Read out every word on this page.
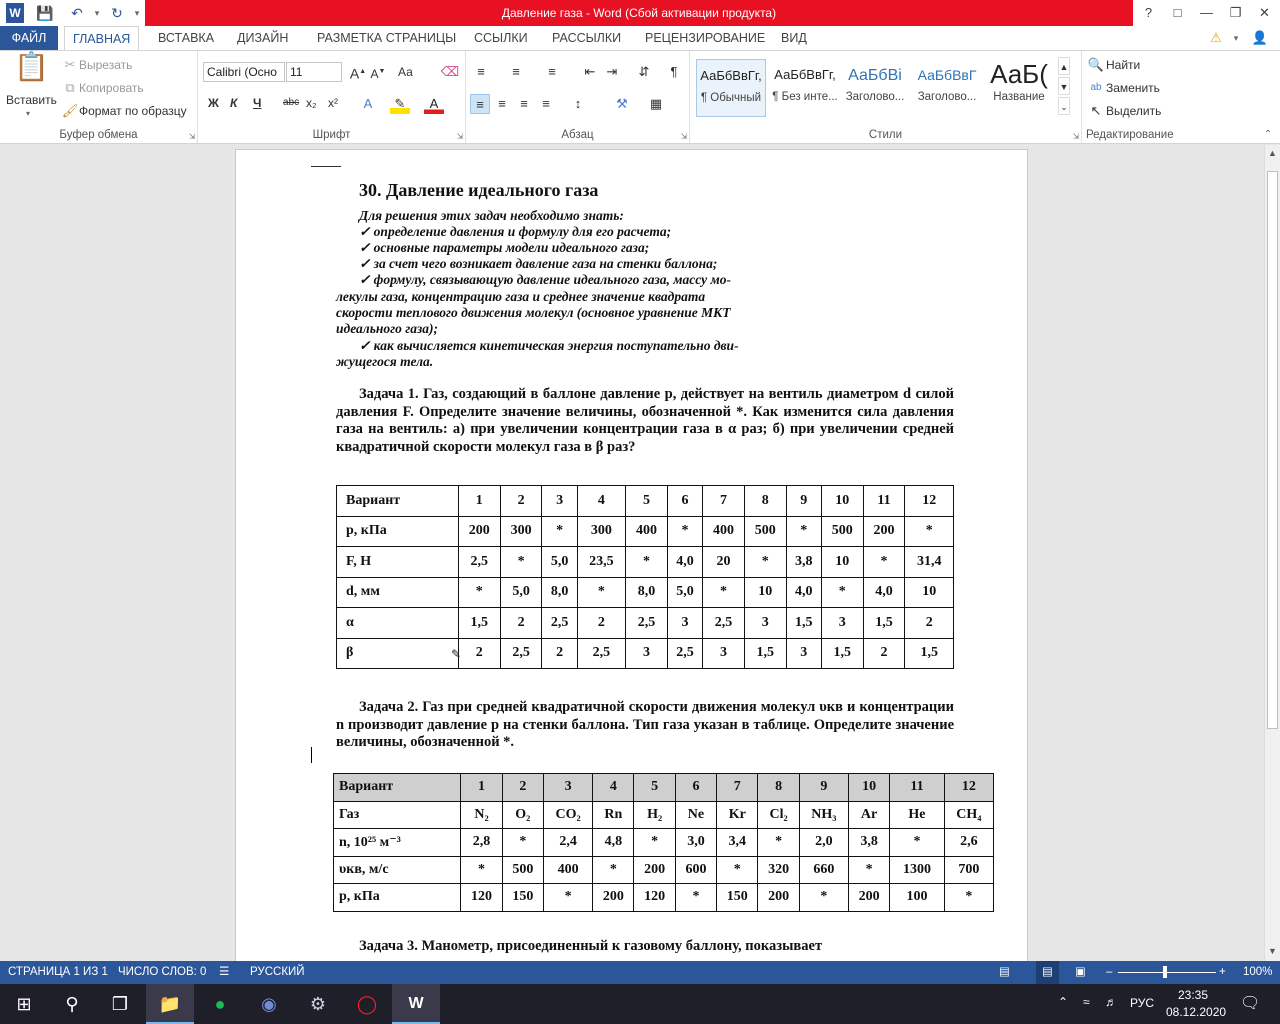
W 💾	↶	▾ ↻	▾	Давление газа - Word (Сбой активации продукта)	?	□	—	❐	✕
ФАЙЛ	ГЛАВНАЯ	ВСТАВКА	ДИЗАЙН	РАЗМЕТКА СТРАНИЦЫ	ССЫЛКИ	РАССЫЛКИ	РЕЦЕНЗИРОВАНИЕ	ВИД	⚠	▾	👤
📋
Вставить
▾
✂ Вырезать
⧉ Копировать
🖌 Формат по образцу
Буфер обмена	⇲
Calibri (Осно	11	A▲ A▼ Аа ⌫
Ж К Ч abc x₂ x²	A	✎	A
Шрифт	⇲
≡	≡	≡	⇤ ⇥	⇵	¶
≡	≡	≡	≡	↕	⚒	▦
Абзац	⇲
АаБбВвГг,
¶ Обычный
АаБбВвГг,
¶ Без инте...
АаБбВі
Заголово...
АаБбВвГ
Заголово...
АаБ(
Название
▲
▼
⌄
Стили	⇲
🔍 Найти
ab Заменить
↖ Выделить
Редактирование	⌃
30. Давление идеального газа
Для решения этих задач необходимо знать:
✓ определение давления и формулу для его расчета;
✓ основные параметры модели идеального газа;
✓ за счет чего возникает давление газа на стенки баллона;
✓ формулу, связывающую давление идеального газа, массу мо-
лекулы газа, концентрацию газа и среднее значение квадрата
скорости теплового движения молекул (основное уравнение МКТ
идеального газа);
✓ как вычисляется кинетическая энергия поступательно дви-
жущегося тела.
Задача 1. Газ, создающий в баллоне давление p, действует на вентиль диаметром d силой давления F. Определите значение величины, обозначенной *. Как изменится сила давления газа на вентиль: а) при увеличении концентрации газа в α раз; б) при увеличении средней квадратичной скорости молекул газа в β раз?
Вариант	1	2	3	4	5	6	7	8	9	10	11	12
p, кПа	200	300	*	300	400	*	400	500	*	500	200	*
F, Н	2,5	*	5,0	23,5	*	4,0	20	*	3,8	10	*	31,4
d, мм	*	5,0	8,0	*	8,0	5,0	*	10	4,0	*	4,0	10
α	1,5	2	2,5	2	2,5	3	2,5	3	1,5	3	1,5	2
β	2	2,5	2	2,5	3	2,5	3	1,5	3	1,5	2	1,5
✎
Задача 2. Газ при средней квадратичной скорости движения молекул υкв и концентрации n производит давление p на стенки баллона. Тип газа указан в таблице. Определите значение величины, обозначенной *.
Вариант	1	2	3	4	5	6	7	8	9	10	11	12
Газ	N₂	O₂	CO₂	Rn	H₂	Ne	Kr	Cl₂	NH₃	Ar	He	CH₄
n, 10²⁵ м⁻³	2,8	*	2,4	4,8	*	3,0	3,4	*	2,0	3,8	*	2,6
υкв, м/с	*	500	400	*	200	600	*	320	660	*	1300	700
p, кПа	120	150	*	200	120	*	150	200	*	200	100	*
Задача 3. Манометр, присоединенный к газовому баллону, показывает
▲
▼
СТРАНИЦА 1 ИЗ 1 ЧИСЛО СЛОВ: 0 ☰ РУССКИЙ	▤	▤	▣ –	+ 100%
⊞	⚲	❐	📁	●	◉	⚙	◯	W	⌃ ≈ ♬ РУС
23:35
08.12.2020 🗨
